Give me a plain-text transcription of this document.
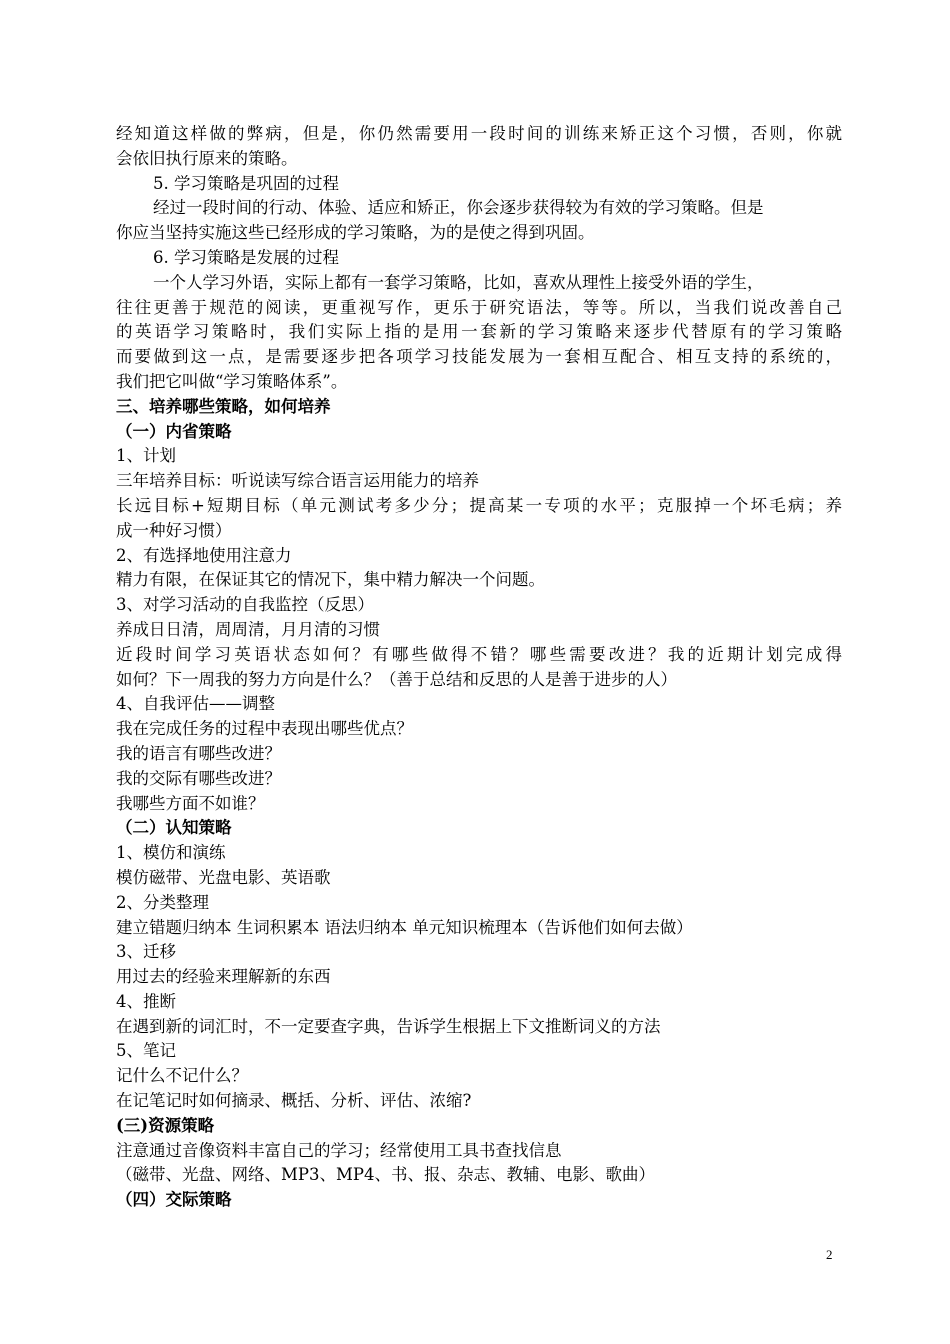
经知道这样做的弊病，但是，你仍然需要用一段时间的训练来矫正这个习惯，否则，你就

会依旧执行原来的策略。

5. 学习策略是巩固的过程

经过一段时间的行动、体验、适应和矫正，你会逐步获得较为有效的学习策略。但是

你应当坚持实施这些已经形成的学习策略，为的是使之得到巩固。

6. 学习策略是发展的过程

一个人学习外语，实际上都有一套学习策略，比如，喜欢从理性上接受外语的学生，

往往更善于规范的阅读，更重视写作，更乐于研究语法，等等。所以，当我们说改善自己

的英语学习策略时，我们实际上指的是用一套新的学习策略来逐步代替原有的学习策略

而要做到这一点，是需要逐步把各项学习技能发展为一套相互配合、相互支持的系统的，

我们把它叫做“学习策略体系”。

三、培养哪些策略，如何培养

（一）内省策略

1、计划

三年培养目标：听说读写综合语言运用能力的培养

长远目标+短期目标（单元测试考多少分；提高某一专项的水平；克服掉一个坏毛病；养

成一种好习惯）

2、有选择地使用注意力

精力有限，在保证其它的情况下，集中精力解决一个问题。

3、对学习活动的自我监控（反思）

养成日日清，周周清，月月清的习惯

近段时间学习英语状态如何？有哪些做得不错？哪些需要改进？我的近期计划完成得

如何？下一周我的努力方向是什么？（善于总结和反思的人是善于进步的人）

4、自我评估——调整

我在完成任务的过程中表现出哪些优点？

我的语言有哪些改进？

我的交际有哪些改进？

我哪些方面不如谁？

（二）认知策略

1、模仿和演练

模仿磁带、光盘电影、英语歌

2、分类整理

建立错题归纳本 生词积累本 语法归纳本 单元知识梳理本（告诉他们如何去做）

3、迁移

用过去的经验来理解新的东西

4、推断

在遇到新的词汇时，不一定要查字典，告诉学生根据上下文推断词义的方法

5、笔记

记什么不记什么？

在记笔记时如何摘录、概括、分析、评估、浓缩?

(三)资源策略

注意通过音像资料丰富自己的学习；经常使用工具书查找信息

（磁带、光盘、网络、MP3、MP4、书、报、杂志、教辅、电影、歌曲）

（四）交际策略

2
